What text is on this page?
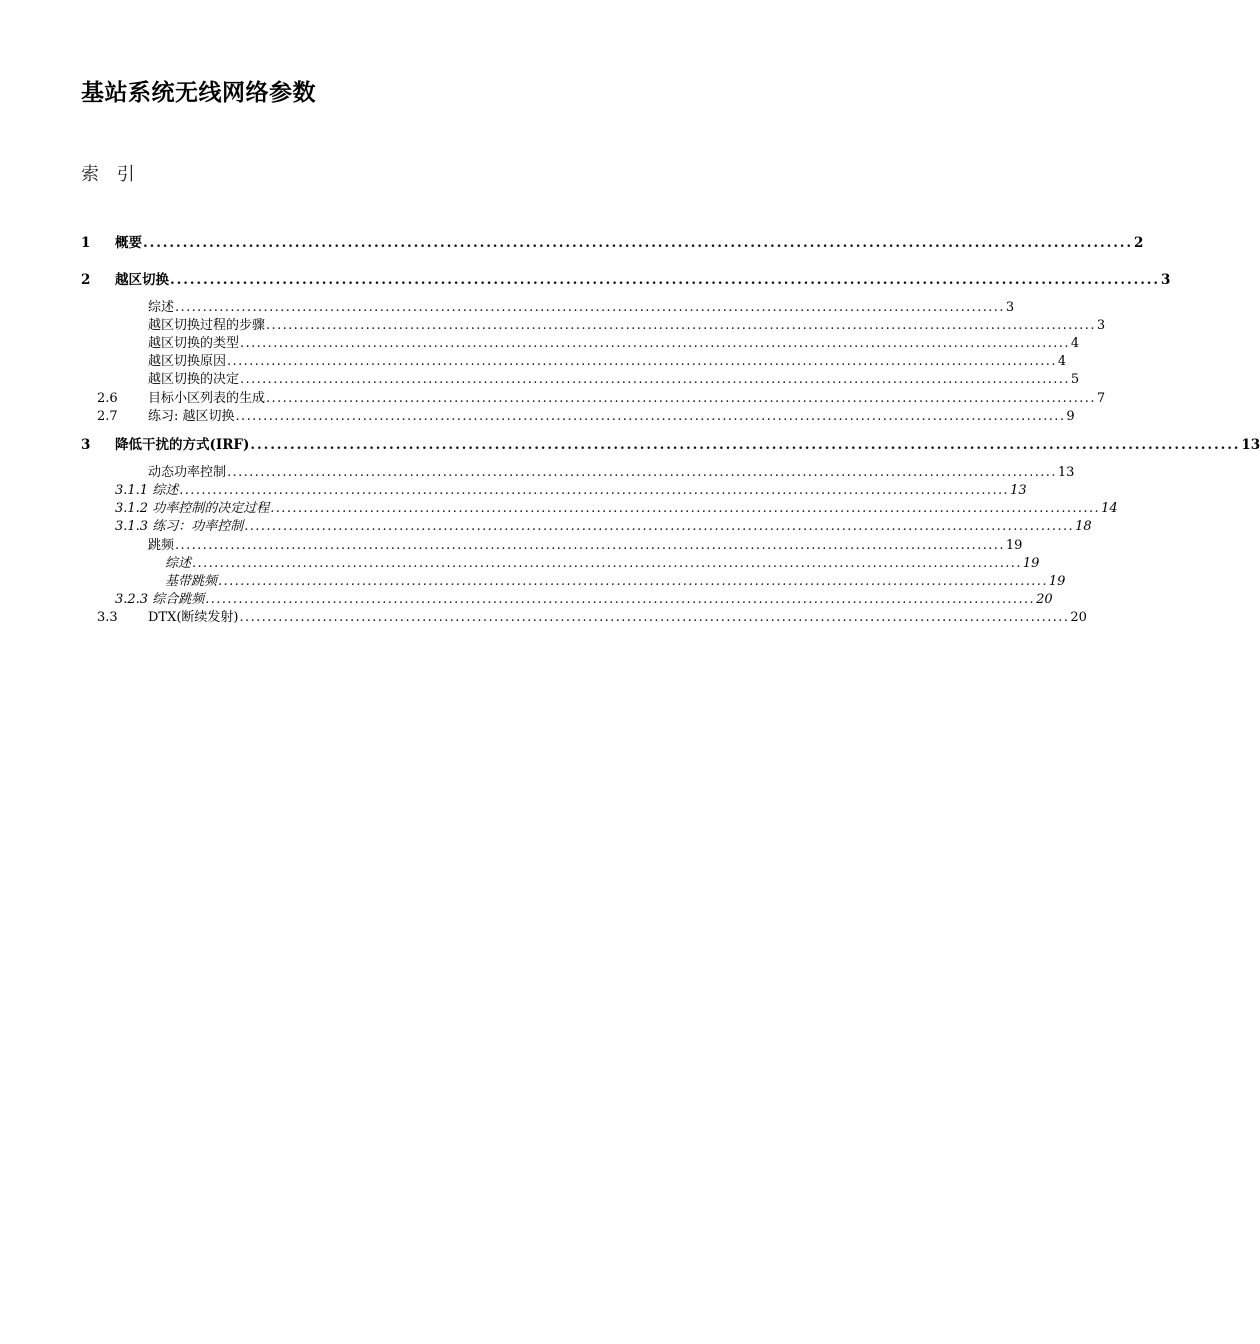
基站系统无线网络参数
索 引
1 概要 ...................................................................................................................................................... 2
2 越区切换 ...................................................................................................................................................... 3
综述 ...................................................................................................................................................... 3
越区切换过程的步骤 ...................................................................................................................................................... 3
越区切换的类型 ...................................................................................................................................................... 4
越区切换原因 ...................................................................................................................................................... 4
越区切换的决定 ...................................................................................................................................................... 5
2.6 目标小区列表的生成 ...................................................................................................................................................... 7
2.7 练习: 越区切换 ...................................................................................................................................................... 9
3 降低干扰的方式(IRF) ...................................................................................................................................................... 13
动态功率控制 ...................................................................................................................................................... 13
3.1.1 综述 ...................................................................................................................................................... 13
3.1.2 功率控制的决定过程 ...................................................................................................................................................... 14
3.1.3 练习：功率控制 ...................................................................................................................................................... 18
跳频 ...................................................................................................................................................... 19
综述 ...................................................................................................................................................... 19
基带跳频 ...................................................................................................................................................... 19
3.2.3 综合跳频 ...................................................................................................................................................... 20
3.3 DTX(断续发射) ...................................................................................................................................................... 20
